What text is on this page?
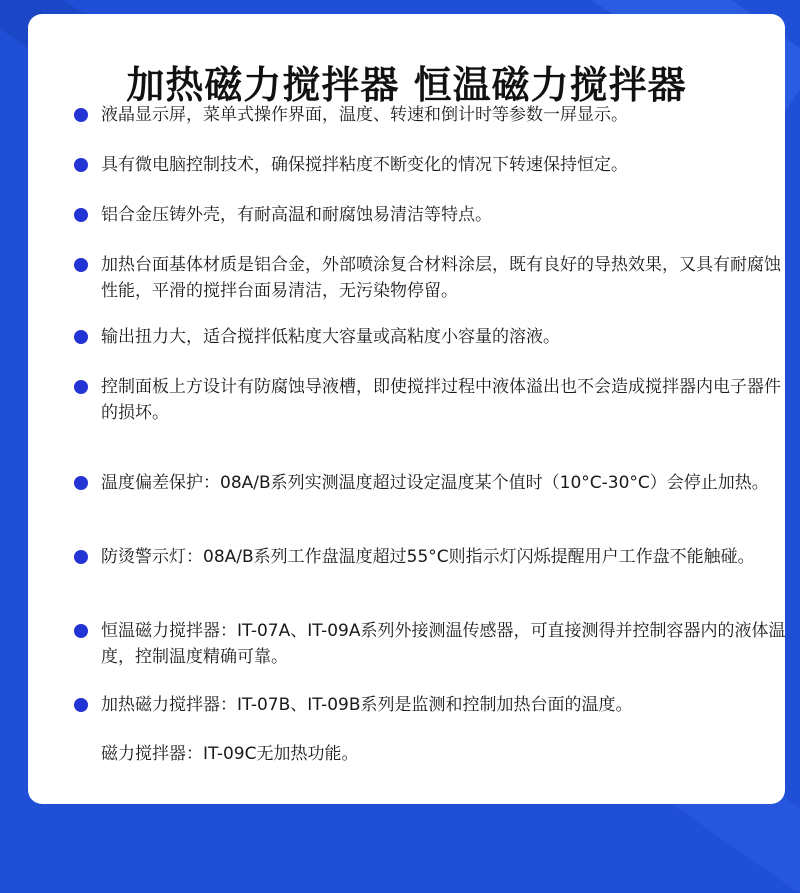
加热磁力搅拌器 恒温磁力搅拌器
液晶显示屏，菜单式操作界面，温度、转速和倒计时等参数一屏显示。
具有微电脑控制技术，确保搅拌粘度不断变化的情况下转速保持恒定。
铝合金压铸外壳，有耐高温和耐腐蚀易清洁等特点。
加热台面基体材质是铝合金，外部喷涂复合材料涂层，既有良好的导热效果，又具有耐腐蚀性能，平滑的搅拌台面易清洁，无污染物停留。
输出扭力大，适合搅拌低粘度大容量或高粘度小容量的溶液。
控制面板上方设计有防腐蚀导液槽，即使搅拌过程中液体溢出也不会造成搅拌器内电子器件的损坏。
温度偏差保护：08A/B系列实测温度超过设定温度某个值时（10°C-30°C）会停止加热。
防烫警示灯：08A/B系列工作盘温度超过55°C则指示灯闪烁提醒用户工作盘不能触碰。
恒温磁力搅拌器：IT-07A、IT-09A系列外接测温传感器，可直接测得并控制容器内的液体温度，控制温度精确可靠。
加热磁力搅拌器：IT-07B、IT-09B系列是监测和控制加热台面的温度。
磁力搅拌器：IT-09C无加热功能。
